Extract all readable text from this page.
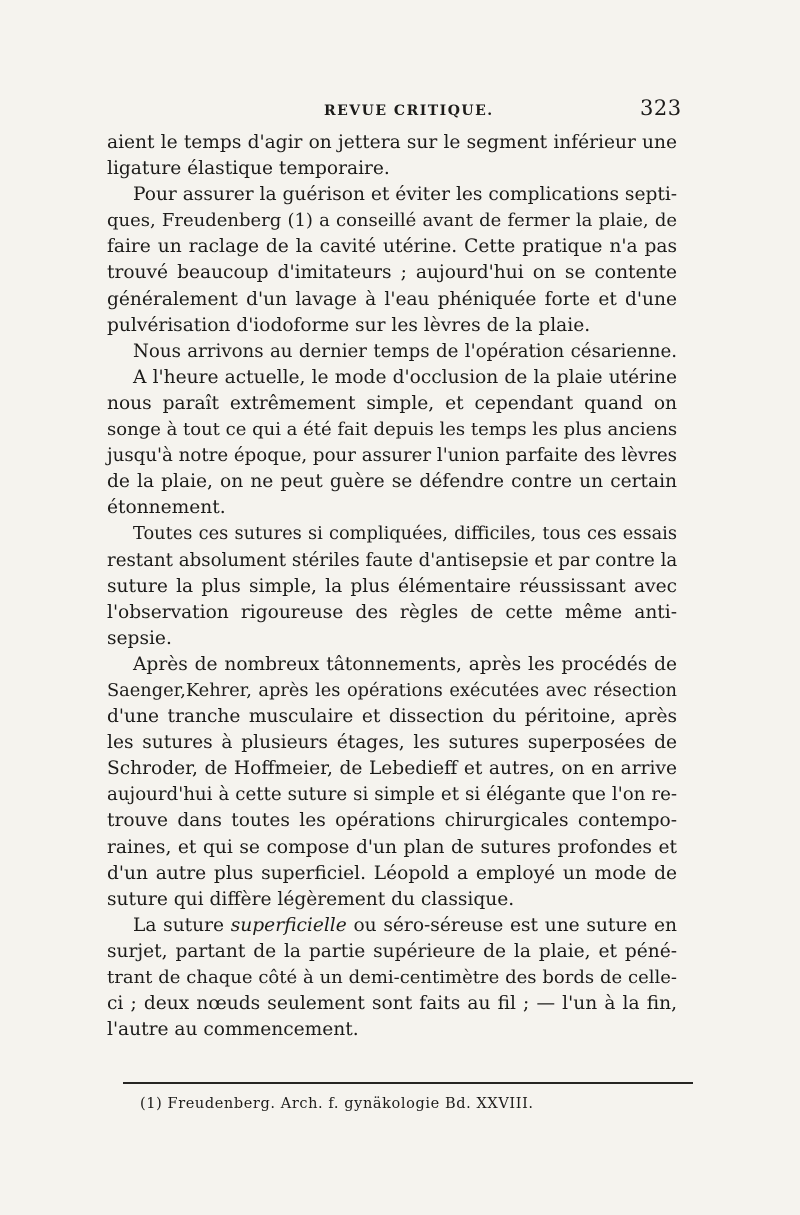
REVUE CRITIQUE.	323
aient le temps d'agir on jettera sur le segment inférieur une
ligature élastique temporaire.
Pour assurer la guérison et éviter les complications septi-
ques, Freudenberg (1) a conseillé avant de fermer la plaie, de
faire un raclage de la cavité utérine. Cette pratique n'a pas
trouvé beaucoup d'imitateurs ; aujourd'hui on se contente
généralement d'un lavage à l'eau phéniquée forte et d'une
pulvérisation d'iodoforme sur les lèvres de la plaie.
Nous arrivons au dernier temps de l'opération césarienne.
A l'heure actuelle, le mode d'occlusion de la plaie utérine
nous paraît extrêmement simple, et cependant quand on
songe à tout ce qui a été fait depuis les temps les plus anciens
jusqu'à notre époque, pour assurer l'union parfaite des lèvres
de la plaie, on ne peut guère se défendre contre un certain
étonnement.
Toutes ces sutures si compliquées, difficiles, tous ces essais
restant absolument stériles faute d'antisepsie et par contre la
suture la plus simple, la plus élémentaire réussissant avec
l'observation rigoureuse des règles de cette même anti-
sepsie.
Après de nombreux tâtonnements, après les procédés de
Saenger,Kehrer, après les opérations exécutées avec résection
d'une tranche musculaire et dissection du péritoine, après
les sutures à plusieurs étages, les sutures superposées de
Schroder, de Hoffmeier, de Lebedieff et autres, on en arrive
aujourd'hui à cette suture si simple et si élégante que l'on re-
trouve dans toutes les opérations chirurgicales contempo-
raines, et qui se compose d'un plan de sutures profondes et
d'un autre plus superficiel. Léopold a employé un mode de
suture qui diffère légèrement du classique.
La suture superficielle ou séro-séreuse est une suture en
surjet, partant de la partie supérieure de la plaie, et péné-
trant de chaque côté à un demi-centimètre des bords de celle-
ci ; deux nœuds seulement sont faits au fil ; — l'un à la fin,
l'autre au commencement.
(1) Freudenberg. Arch. f. gynäkologie Bd. XXVIII.
